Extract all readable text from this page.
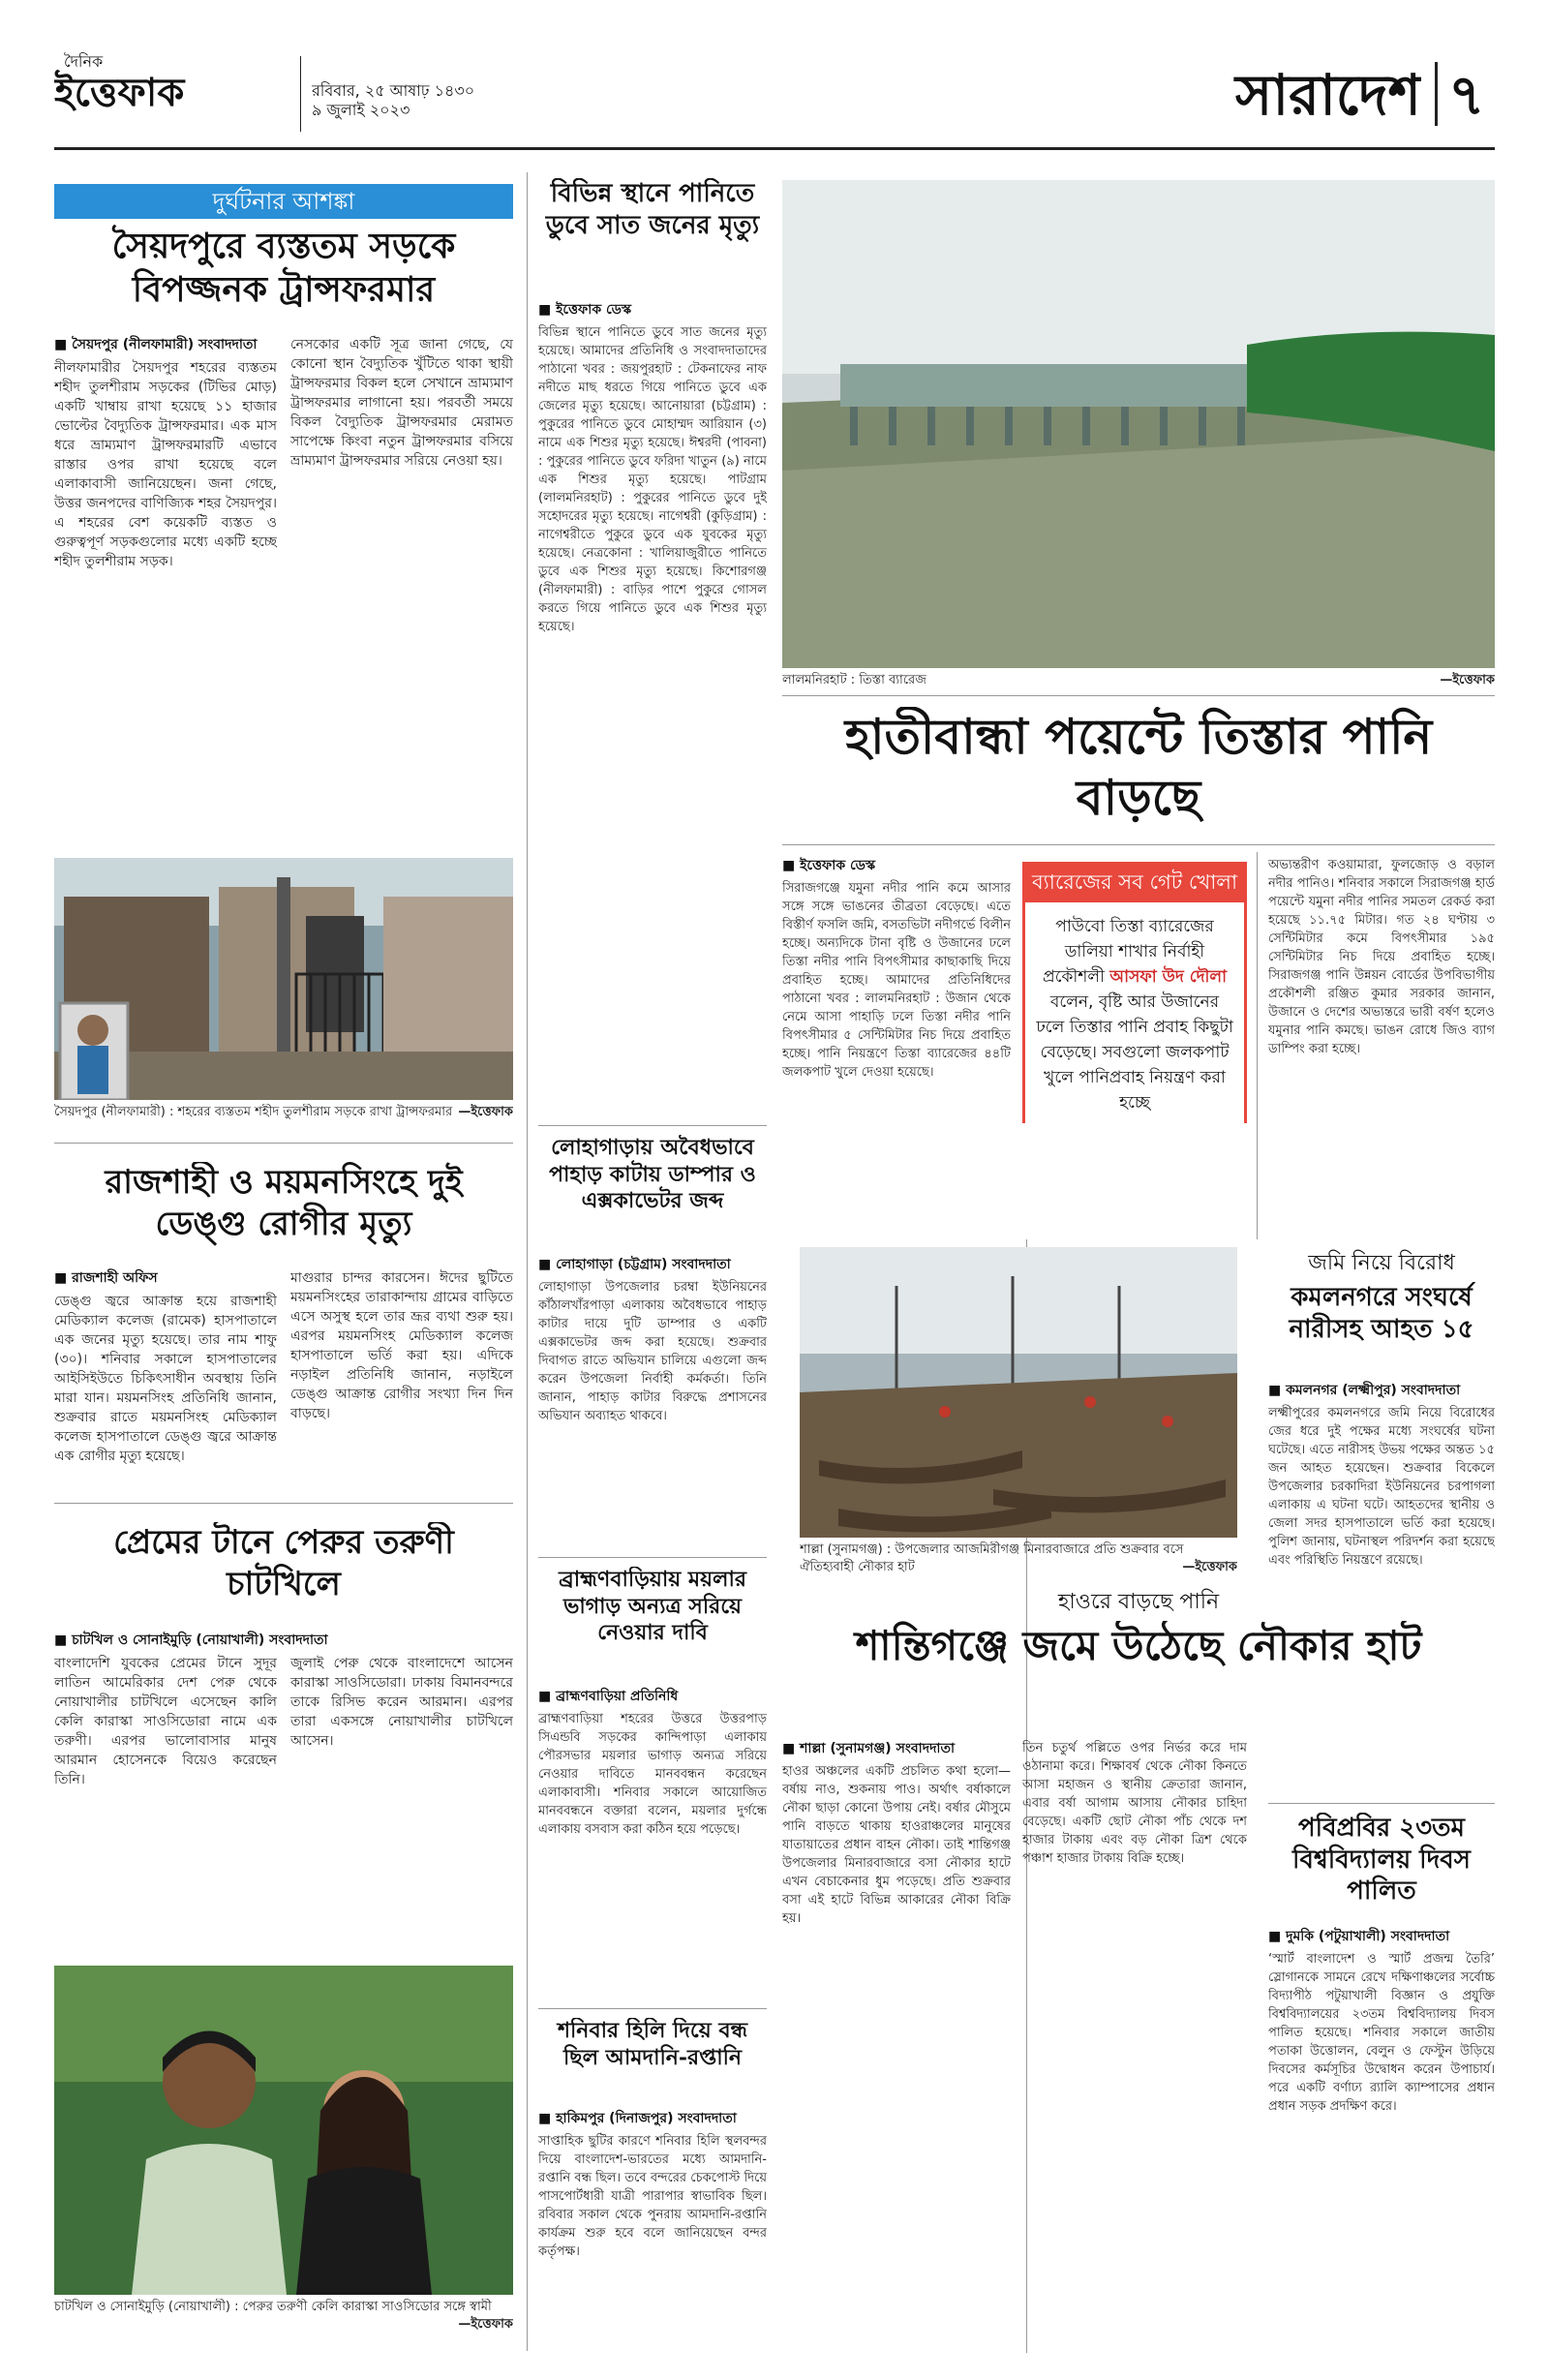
দৈনিক
ইত্তেফাক	রবিবার, ২৫ আষাঢ় ১৪৩০
৯ জুলাই ২০২৩	সারাদেশ ৭
দুর্ঘটনার আশঙ্কা
সৈয়দপুরে ব্যস্ততম সড়কে বিপজ্জনক ট্রান্সফরমার
■ সৈয়দপুর (নীলফামারী) সংবাদদাতা
নীলফামারীর সৈয়দপুর শহরের ব্যস্ততম শহীদ তুলশীরাম সড়কের (টিভির মোড়) একটি খাম্বায় রাখা হয়েছে ১১ হাজার ভোল্টের বৈদ্যুতিক ট্রান্সফরমার। এক মাস ধরে ভ্রাম্যমাণ ট্রান্সফরমারটি এভাবে রাস্তার ওপর রাখা হয়েছে বলে এলাকাবাসী জানিয়েছেন। জনা গেছে, উত্তর জনপদের বাণিজ্যিক শহর সৈয়দপুর। এ শহরের বেশ কয়েকটি ব্যস্তত ও গুরুত্বপূর্ণ সড়কগুলোর মধ্যে একটি হচ্ছে শহীদ তুলশীরাম সড়ক।
নেসকোর একটি সূত্র জানা গেছে, যে কোনো স্থান বৈদ্যুতিক খুঁটিতে থাকা স্থায়ী ট্রান্সফরমার বিকল হলে সেখানে ভ্রাম্যমাণ ট্রান্সফরমার লাগানো হয়। পরবর্তী সময়ে বিকল বৈদ্যুতিক ট্রান্সফরমার মেরামত সাপেক্ষে কিংবা নতুন ট্রান্সফরমার বসিয়ে ভ্রাম্যমাণ ট্রান্সফরমার সরিয়ে নেওয়া হয়।
সৈয়দপুর (নীলফামারী) : শহরের ব্যস্ততম শহীদ তুলশীরাম সড়কে রাখা ট্রান্সফরমার —ইত্তেফাক
রাজশাহী ও ময়মনসিংহে দুই ডেঙ্গু রোগীর মৃত্যু
■ রাজশাহী অফিস
ডেঙ্গু জ্বরে আক্রান্ত হয়ে রাজশাহী মেডিক্যাল কলেজ (রামেক) হাসপাতালে এক জনের মৃত্যু হয়েছে। তার নাম শাফু (৩০)। শনিবার সকালে হাসপাতালের আইসিইউতে চিকিৎসাধীন অবস্থায় তিনি মারা যান। ময়মনসিংহ প্রতিনিধি জানান, শুক্রবার রাতে ময়মনসিংহ মেডিক্যাল কলেজ হাসপাতালে ডেঙ্গু জ্বরে আক্রান্ত এক রোগীর মৃত্যু হয়েছে।
মাগুরার চান্দর কারসেন। ঈদের ছুটিতে ময়মনসিংহের তারাকান্দায় গ্রামের বাড়িতে এসে অসুস্থ হলে তার ভ্রূর ব্যথা শুরু হয়। এরপর ময়মনসিংহ মেডিক্যাল কলেজ হাসপাতালে ভর্তি করা হয়। এদিকে নড়াইল প্রতিনিধি জানান, নড়াইলে ডেঙ্গু আক্রান্ত রোগীর সংখ্যা দিন দিন বাড়ছে।
প্রেমের টানে পেরুর তরুণী চাটখিলে
■ চাটখিল ও সোনাইমুড়ি (নোয়াখালী) সংবাদদাতা
বাংলাদেশি যুবকের প্রেমের টানে সুদূর লাতিন আমেরিকার দেশ পেরু থেকে নোয়াখালীর চাটখিলে এসেছেন কালি কেলি কারাস্কা সাওসিডোরা নামে এক তরুণী। এরপর ভালোবাসার মানুষ আরমান হোসেনকে বিয়েও করেছেন তিনি।
জুলাই পেরু থেকে বাংলাদেশে আসেন কারাস্কা সাওসিডোরা। ঢাকায় বিমানবন্দরে তাকে রিসিভ করেন আরমান। এরপর তারা একসঙ্গে নোয়াখালীর চাটখিলে আসেন।
চাটখিল ও সোনাইমুড়ি (নোয়াখালী) : পেরুর তরুণী কেলি কারাস্কা সাওসিডোর সঙ্গে স্বামী
—ইত্তেফাক
বিভিন্ন স্থানে পানিতে ডুবে সাত জনের মৃত্যু
■ ইত্তেফাক ডেস্ক
বিভিন্ন স্থানে পানিতে ডুবে সাত জনের মৃত্যু হয়েছে। আমাদের প্রতিনিধি ও সংবাদদাতাদের পাঠানো খবর : জয়পুরহাট : টেকনাফের নাফ নদীতে মাছ ধরতে গিয়ে পানিতে ডুবে এক জেলের মৃত্যু হয়েছে। আনোয়ারা (চট্টগ্রাম) : পুকুরের পানিতে ডুবে মোহাম্মদ আরিয়ান (৩) নামে এক শিশুর মৃত্যু হয়েছে। ঈশ্বরদী (পাবনা) : পুকুরের পানিতে ডুবে ফরিদা খাতুন (৯) নামে এক শিশুর মৃত্যু হয়েছে। পাটগ্রাম (লালমনিরহাট) : পুকুরের পানিতে ডুবে দুই সহোদরের মৃত্যু হয়েছে। নাগেশ্বরী (কুড়িগ্রাম) : নাগেশ্বরীতে পুকুরে ডুবে এক যুবকের মৃত্যু হয়েছে। নেত্রকোনা : খালিয়াজুরীতে পানিতে ডুবে এক শিশুর মৃত্যু হয়েছে। কিশোরগঞ্জ (নীলফামারী) : বাড়ির পাশে পুকুরে গোসল করতে গিয়ে পানিতে ডুবে এক শিশুর মৃত্যু হয়েছে।
লোহাগাড়ায় অবৈধভাবে পাহাড় কাটায় ডাম্পার ও এক্সকাভেটর জব্দ
■ লোহাগাড়া (চট্টগ্রাম) সংবাদদাতা
লোহাগাড়া উপজেলার চরম্বা ইউনিয়নের কাঁঠালখাঁরপাড়া এলাকায় অবৈধভাবে পাহাড় কাটার দায়ে দুটি ডাম্পার ও একটি এক্সকাভেটর জব্দ করা হয়েছে। শুক্রবার দিবাগত রাতে অভিযান চালিয়ে এগুলো জব্দ করেন উপজেলা নির্বাহী কর্মকর্তা। তিনি জানান, পাহাড় কাটার বিরুদ্ধে প্রশাসনের অভিযান অব্যাহত থাকবে।
ব্রাহ্মণবাড়িয়ায় ময়লার ভাগাড় অন্যত্র সরিয়ে নেওয়ার দাবি
■ ব্রাহ্মণবাড়িয়া প্রতিনিধি
ব্রাহ্মণবাড়িয়া শহরের উত্তরে উত্তরপাড় সিএন্ডবি সড়কের কান্দিপাড়া এলাকায় পৌরসভার ময়লার ভাগাড় অন্যত্র সরিয়ে নেওয়ার দাবিতে মানববন্ধন করেছেন এলাকাবাসী। শনিবার সকালে আয়োজিত মানববন্ধনে বক্তারা বলেন, ময়লার দুর্গন্ধে এলাকায় বসবাস করা কঠিন হয়ে পড়েছে।
শনিবার হিলি দিয়ে বন্ধ ছিল আমদানি-রপ্তানি
■ হাকিমপুর (দিনাজপুর) সংবাদদাতা
সাপ্তাহিক ছুটির কারণে শনিবার হিলি স্থলবন্দর দিয়ে বাংলাদেশ-ভারতের মধ্যে আমদানি-রপ্তানি বন্ধ ছিল। তবে বন্দরের চেকপোস্ট দিয়ে পাসপোর্টধারী যাত্রী পারাপার স্বাভাবিক ছিল। রবিবার সকাল থেকে পুনরায় আমদানি-রপ্তানি কার্যক্রম শুরু হবে বলে জানিয়েছেন বন্দর কর্তৃপক্ষ।
লালমনিরহাট : তিস্তা ব্যারেজ	—ইত্তেফাক
হাতীবান্ধা পয়েন্টে তিস্তার পানি বাড়ছে
■ ইত্তেফাক ডেস্ক
সিরাজগঞ্জে যমুনা নদীর পানি কমে আসার সঙ্গে সঙ্গে ভাঙনের তীব্রতা বেড়েছে। এতে বিস্তীর্ণ ফসলি জমি, বসতভিটা নদীগর্ভে বিলীন হচ্ছে। অন্যদিকে টানা বৃষ্টি ও উজানের ঢলে তিস্তা নদীর পানি বিপৎসীমার কাছাকাছি দিয়ে প্রবাহিত হচ্ছে। আমাদের প্রতিনিধিদের পাঠানো খবর : লালমনিরহাট : উজান থেকে নেমে আসা পাহাড়ি ঢলে তিস্তা নদীর পানি বিপৎসীমার ৫ সেন্টিমিটার নিচ দিয়ে প্রবাহিত হচ্ছে। পানি নিয়ন্ত্রণে তিস্তা ব্যারেজের ৪৪টি জলকপাট খুলে দেওয়া হয়েছে।
ব্যারেজের সব গেট খোলা
পাউবো তিস্তা ব্যারেজের ডালিয়া শাখার নির্বাহী প্রকৌশলী আসফা উদ দৌলা বলেন, বৃষ্টি আর উজানের ঢলে তিস্তার পানি প্রবাহ কিছুটা বেড়েছে। সবগুলো জলকপাট খুলে পানিপ্রবাহ নিয়ন্ত্রণ করা হচ্ছে
অভ্যন্তরীণ কওয়ামারা, ফুলজোড় ও বড়াল নদীর পানিও। শনিবার সকালে সিরাজগঞ্জ হার্ড পয়েন্টে যমুনা নদীর পানির সমতল রেকর্ড করা হয়েছে ১১.৭৫ মিটার। গত ২৪ ঘণ্টায় ৩ সেন্টিমিটার কমে বিপৎসীমার ১৯৫ সেন্টিমিটার নিচ দিয়ে প্রবাহিত হচ্ছে। সিরাজগঞ্জ পানি উন্নয়ন বোর্ডের উপবিভাগীয় প্রকৌশলী রঞ্জিত কুমার সরকার জানান, উজানে ও দেশের অভ্যন্তরে ভারী বর্ষণ হলেও যমুনার পানি কমছে। ভাঙন রোধে জিও ব্যাগ ডাম্পিং করা হচ্ছে।
শাল্লা (সুনামগঞ্জ) : উপজেলার আজমিরীগঞ্জ মিনারবাজারে প্রতি শুক্রবার বসে ঐতিহ্যবাহী নৌকার হাট	—ইত্তেফাক
হাওরে বাড়ছে পানি
শান্তিগঞ্জে জমে উঠেছে নৌকার হাট
■ শাল্লা (সুনামগঞ্জ) সংবাদদাতা
হাওর অঞ্চলের একটি প্রচলিত কথা হলো—বর্ষায় নাও, শুকনায় পাও। অর্থাৎ বর্ষাকালে নৌকা ছাড়া কোনো উপায় নেই। বর্ষার মৌসুমে পানি বাড়তে থাকায় হাওরাঞ্চলের মানুষের যাতায়াতের প্রধান বাহন নৌকা। তাই শান্তিগঞ্জ উপজেলার মিনারবাজারে বসা নৌকার হাটে এখন বেচাকেনার ধুম পড়েছে। প্রতি শুক্রবার বসা এই হাটে বিভিন্ন আকারের নৌকা বিক্রি হয়।
তিন চতুর্থ পল্লিতে ওপর নির্ভর করে দাম ওঠানামা করে। শিক্ষাবর্ষ থেকে নৌকা কিনতে আসা মহাজন ও স্থানীয় ক্রেতারা জানান, এবার বর্ষা আগাম আসায় নৌকার চাহিদা বেড়েছে। একটি ছোট নৌকা পাঁচ থেকে দশ হাজার টাকায় এবং বড় নৌকা ত্রিশ থেকে পঞ্চাশ হাজার টাকায় বিক্রি হচ্ছে।
জমি নিয়ে বিরোধ
কমলনগরে সংঘর্ষে নারীসহ আহত ১৫
■ কমলনগর (লক্ষ্মীপুর) সংবাদদাতা
লক্ষ্মীপুরের কমলনগরে জমি নিয়ে বিরোধের জের ধরে দুই পক্ষের মধ্যে সংঘর্ষের ঘটনা ঘটেছে। এতে নারীসহ উভয় পক্ষের অন্তত ১৫ জন আহত হয়েছেন। শুক্রবার বিকেলে উপজেলার চরকাদিরা ইউনিয়নের চরপাগলা এলাকায় এ ঘটনা ঘটে। আহতদের স্থানীয় ও জেলা সদর হাসপাতালে ভর্তি করা হয়েছে। পুলিশ জানায়, ঘটনাস্থল পরিদর্শন করা হয়েছে এবং পরিস্থিতি নিয়ন্ত্রণে রয়েছে।
পবিপ্রবির ২৩তম বিশ্ববিদ্যালয় দিবস পালিত
■ দুমকি (পটুয়াখালী) সংবাদদাতা
‘স্মার্ট বাংলাদেশ ও স্মার্ট প্রজন্ম তৈরি’ স্লোগানকে সামনে রেখে দক্ষিণাঞ্চলের সর্বোচ্চ বিদ্যাপীঠ পটুয়াখালী বিজ্ঞান ও প্রযুক্তি বিশ্ববিদ্যালয়ের ২৩তম বিশ্ববিদ্যালয় দিবস পালিত হয়েছে। শনিবার সকালে জাতীয় পতাকা উত্তোলন, বেলুন ও ফেস্টুন উড়িয়ে দিবসের কর্মসূচির উদ্বোধন করেন উপাচার্য। পরে একটি বর্ণাঢ্য র‍্যালি ক্যাম্পাসের প্রধান প্রধান সড়ক প্রদক্ষিণ করে।
